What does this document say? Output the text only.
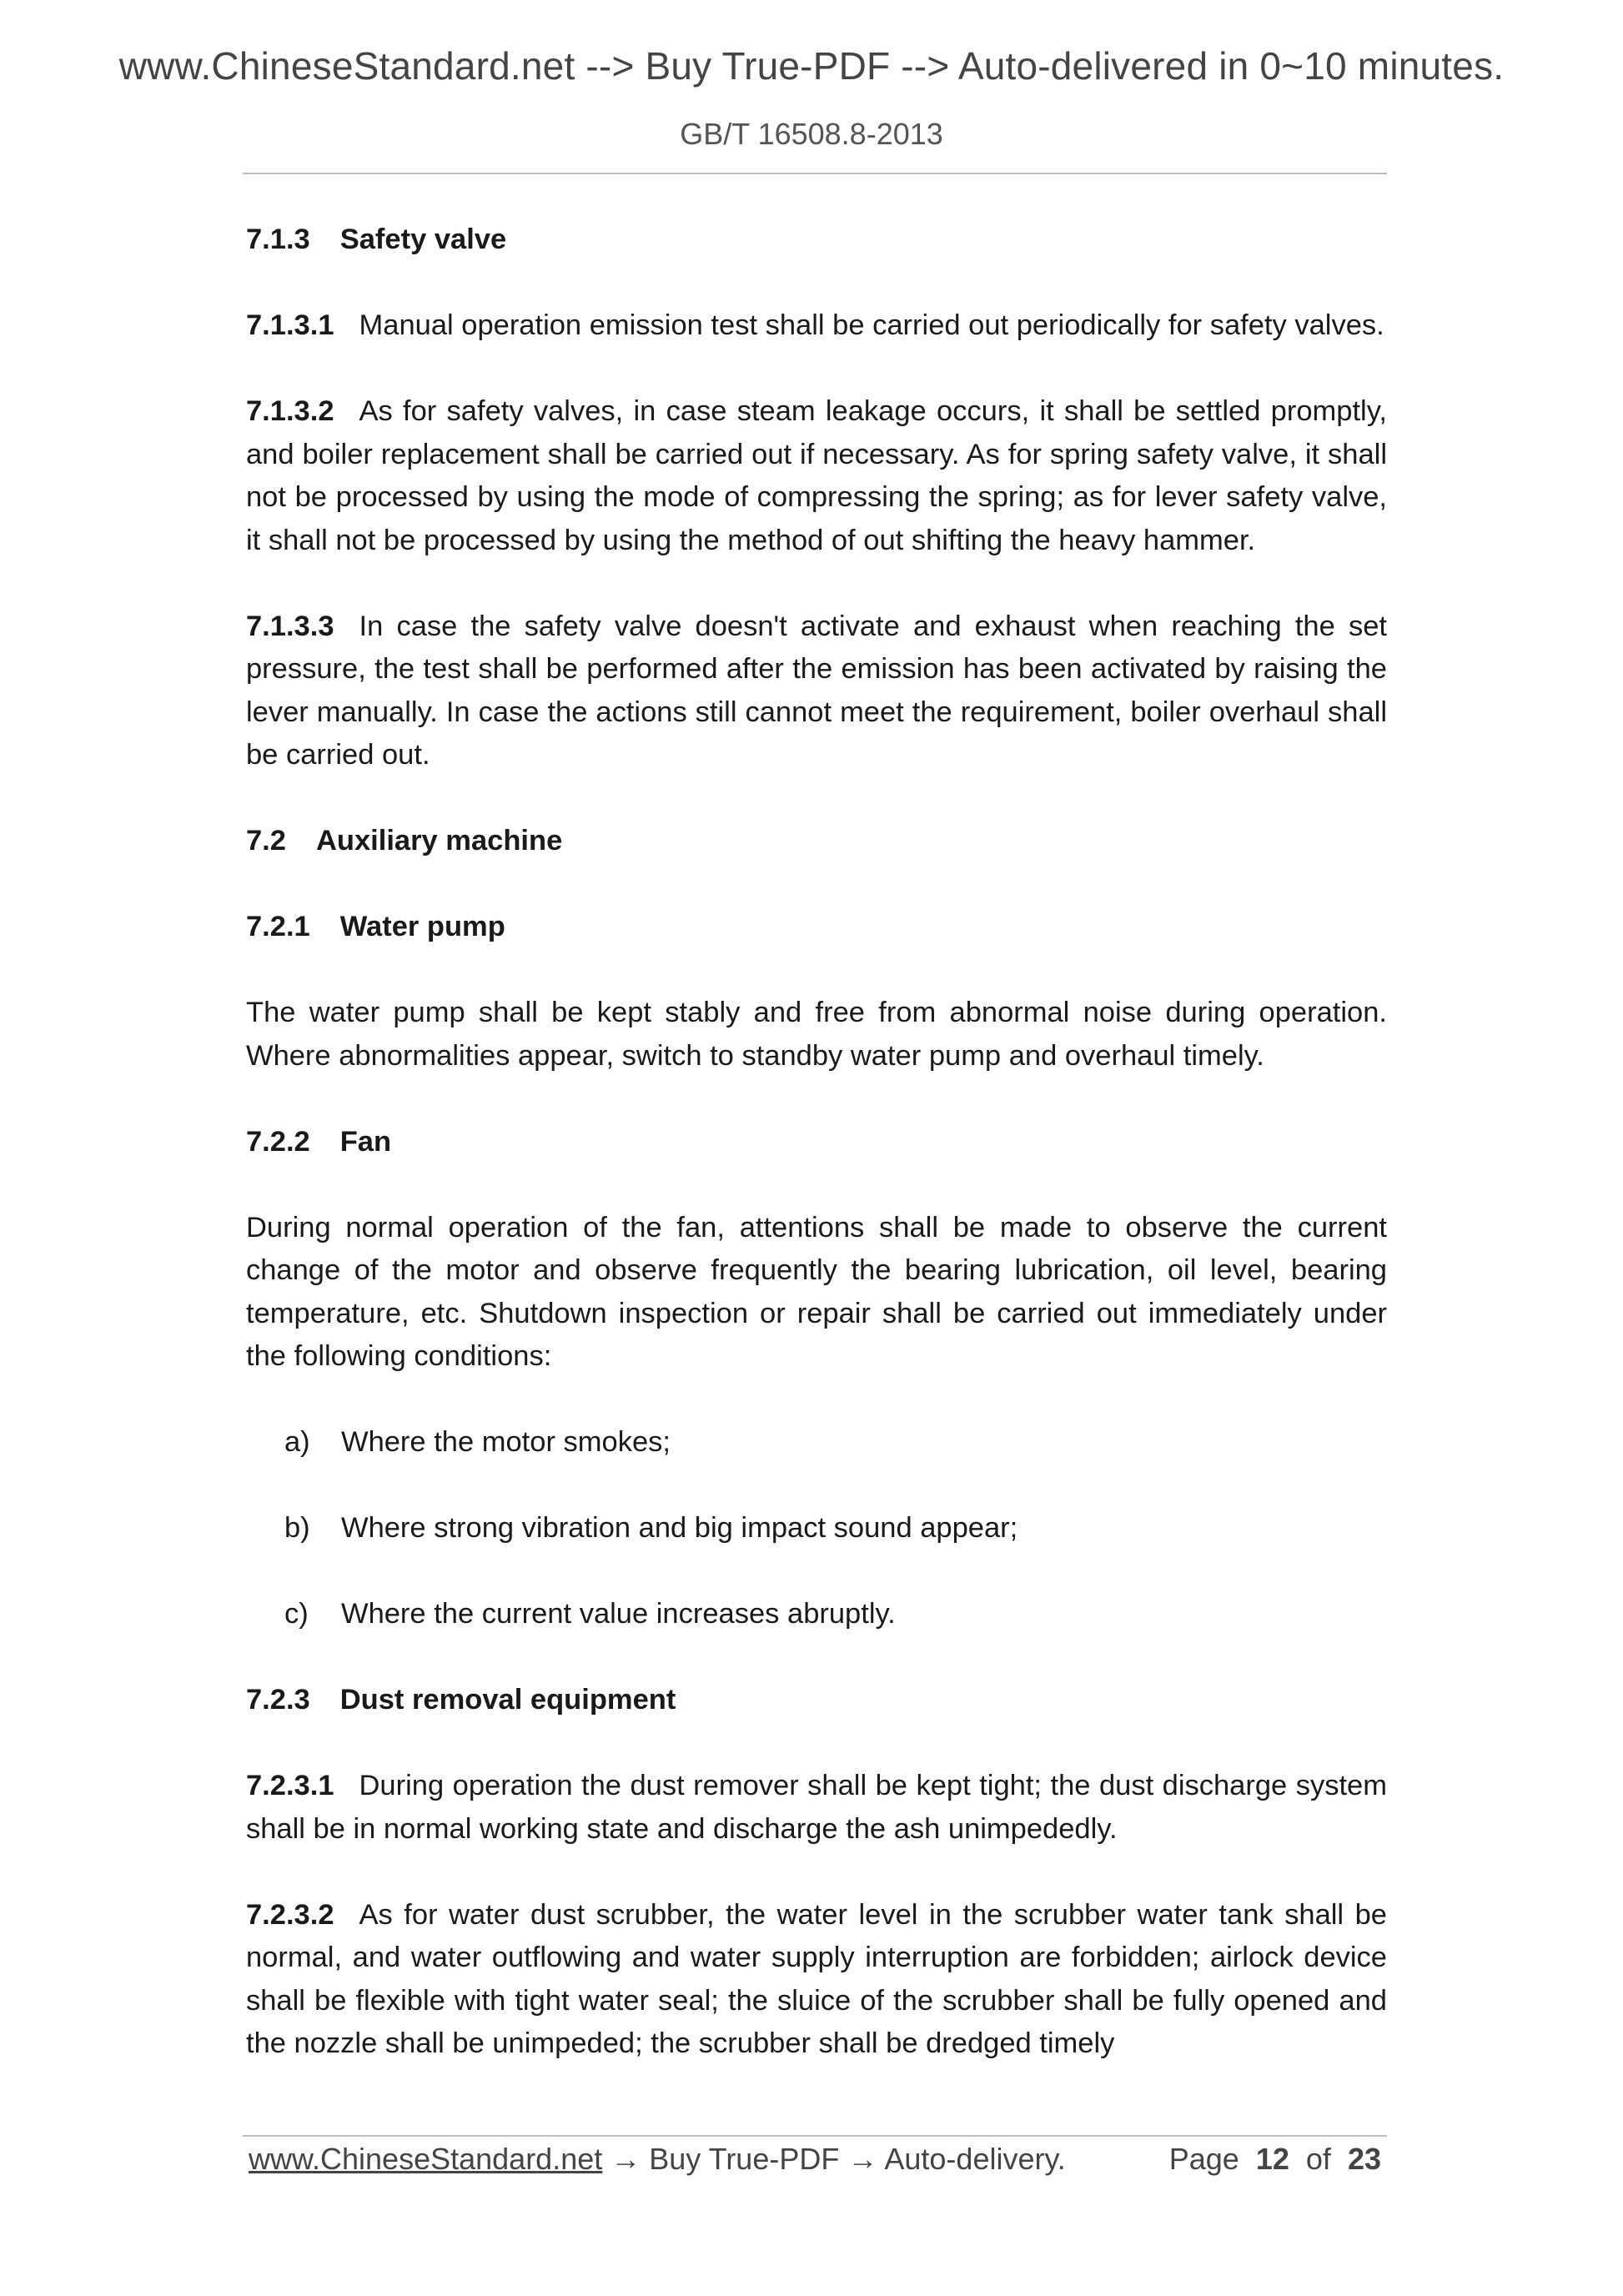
www.ChineseStandard.net --> Buy True-PDF --> Auto-delivered in 0~10 minutes.
GB/T 16508.8-2013

7.1.3 Safety valve

7.1.3.1 Manual operation emission test shall be carried out periodically for safety valves.

7.1.3.2 As for safety valves, in case steam leakage occurs, it shall be settled promptly, and boiler replacement shall be carried out if necessary. As for spring safety valve, it shall not be processed by using the mode of compressing the spring; as for lever safety valve, it shall not be processed by using the method of out shifting the heavy hammer.

7.1.3.3 In case the safety valve doesn't activate and exhaust when reaching the set pressure, the test shall be performed after the emission has been activated by raising the lever manually. In case the actions still cannot meet the requirement, boiler overhaul shall be carried out.

7.2 Auxiliary machine

7.2.1 Water pump

The water pump shall be kept stably and free from abnormal noise during operation. Where abnormalities appear, switch to standby water pump and overhaul timely.

7.2.2 Fan

During normal operation of the fan, attentions shall be made to observe the current change of the motor and observe frequently the bearing lubrication, oil level, bearing temperature, etc. Shutdown inspection or repair shall be carried out immediately under the following conditions:

a) Where the motor smokes;

b) Where strong vibration and big impact sound appear;

c) Where the current value increases abruptly.

7.2.3 Dust removal equipment

7.2.3.1 During operation the dust remover shall be kept tight; the dust discharge system shall be in normal working state and discharge the ash unimpededly.

7.2.3.2 As for water dust scrubber, the water level in the scrubber water tank shall be normal, and water outflowing and water supply interruption are forbidden; airlock device shall be flexible with tight water seal; the sluice of the scrubber shall be fully opened and the nozzle shall be unimpeded; the scrubber shall be dredged timely

www.ChineseStandard.net → Buy True-PDF → Auto-delivery.	Page 12 of 23
